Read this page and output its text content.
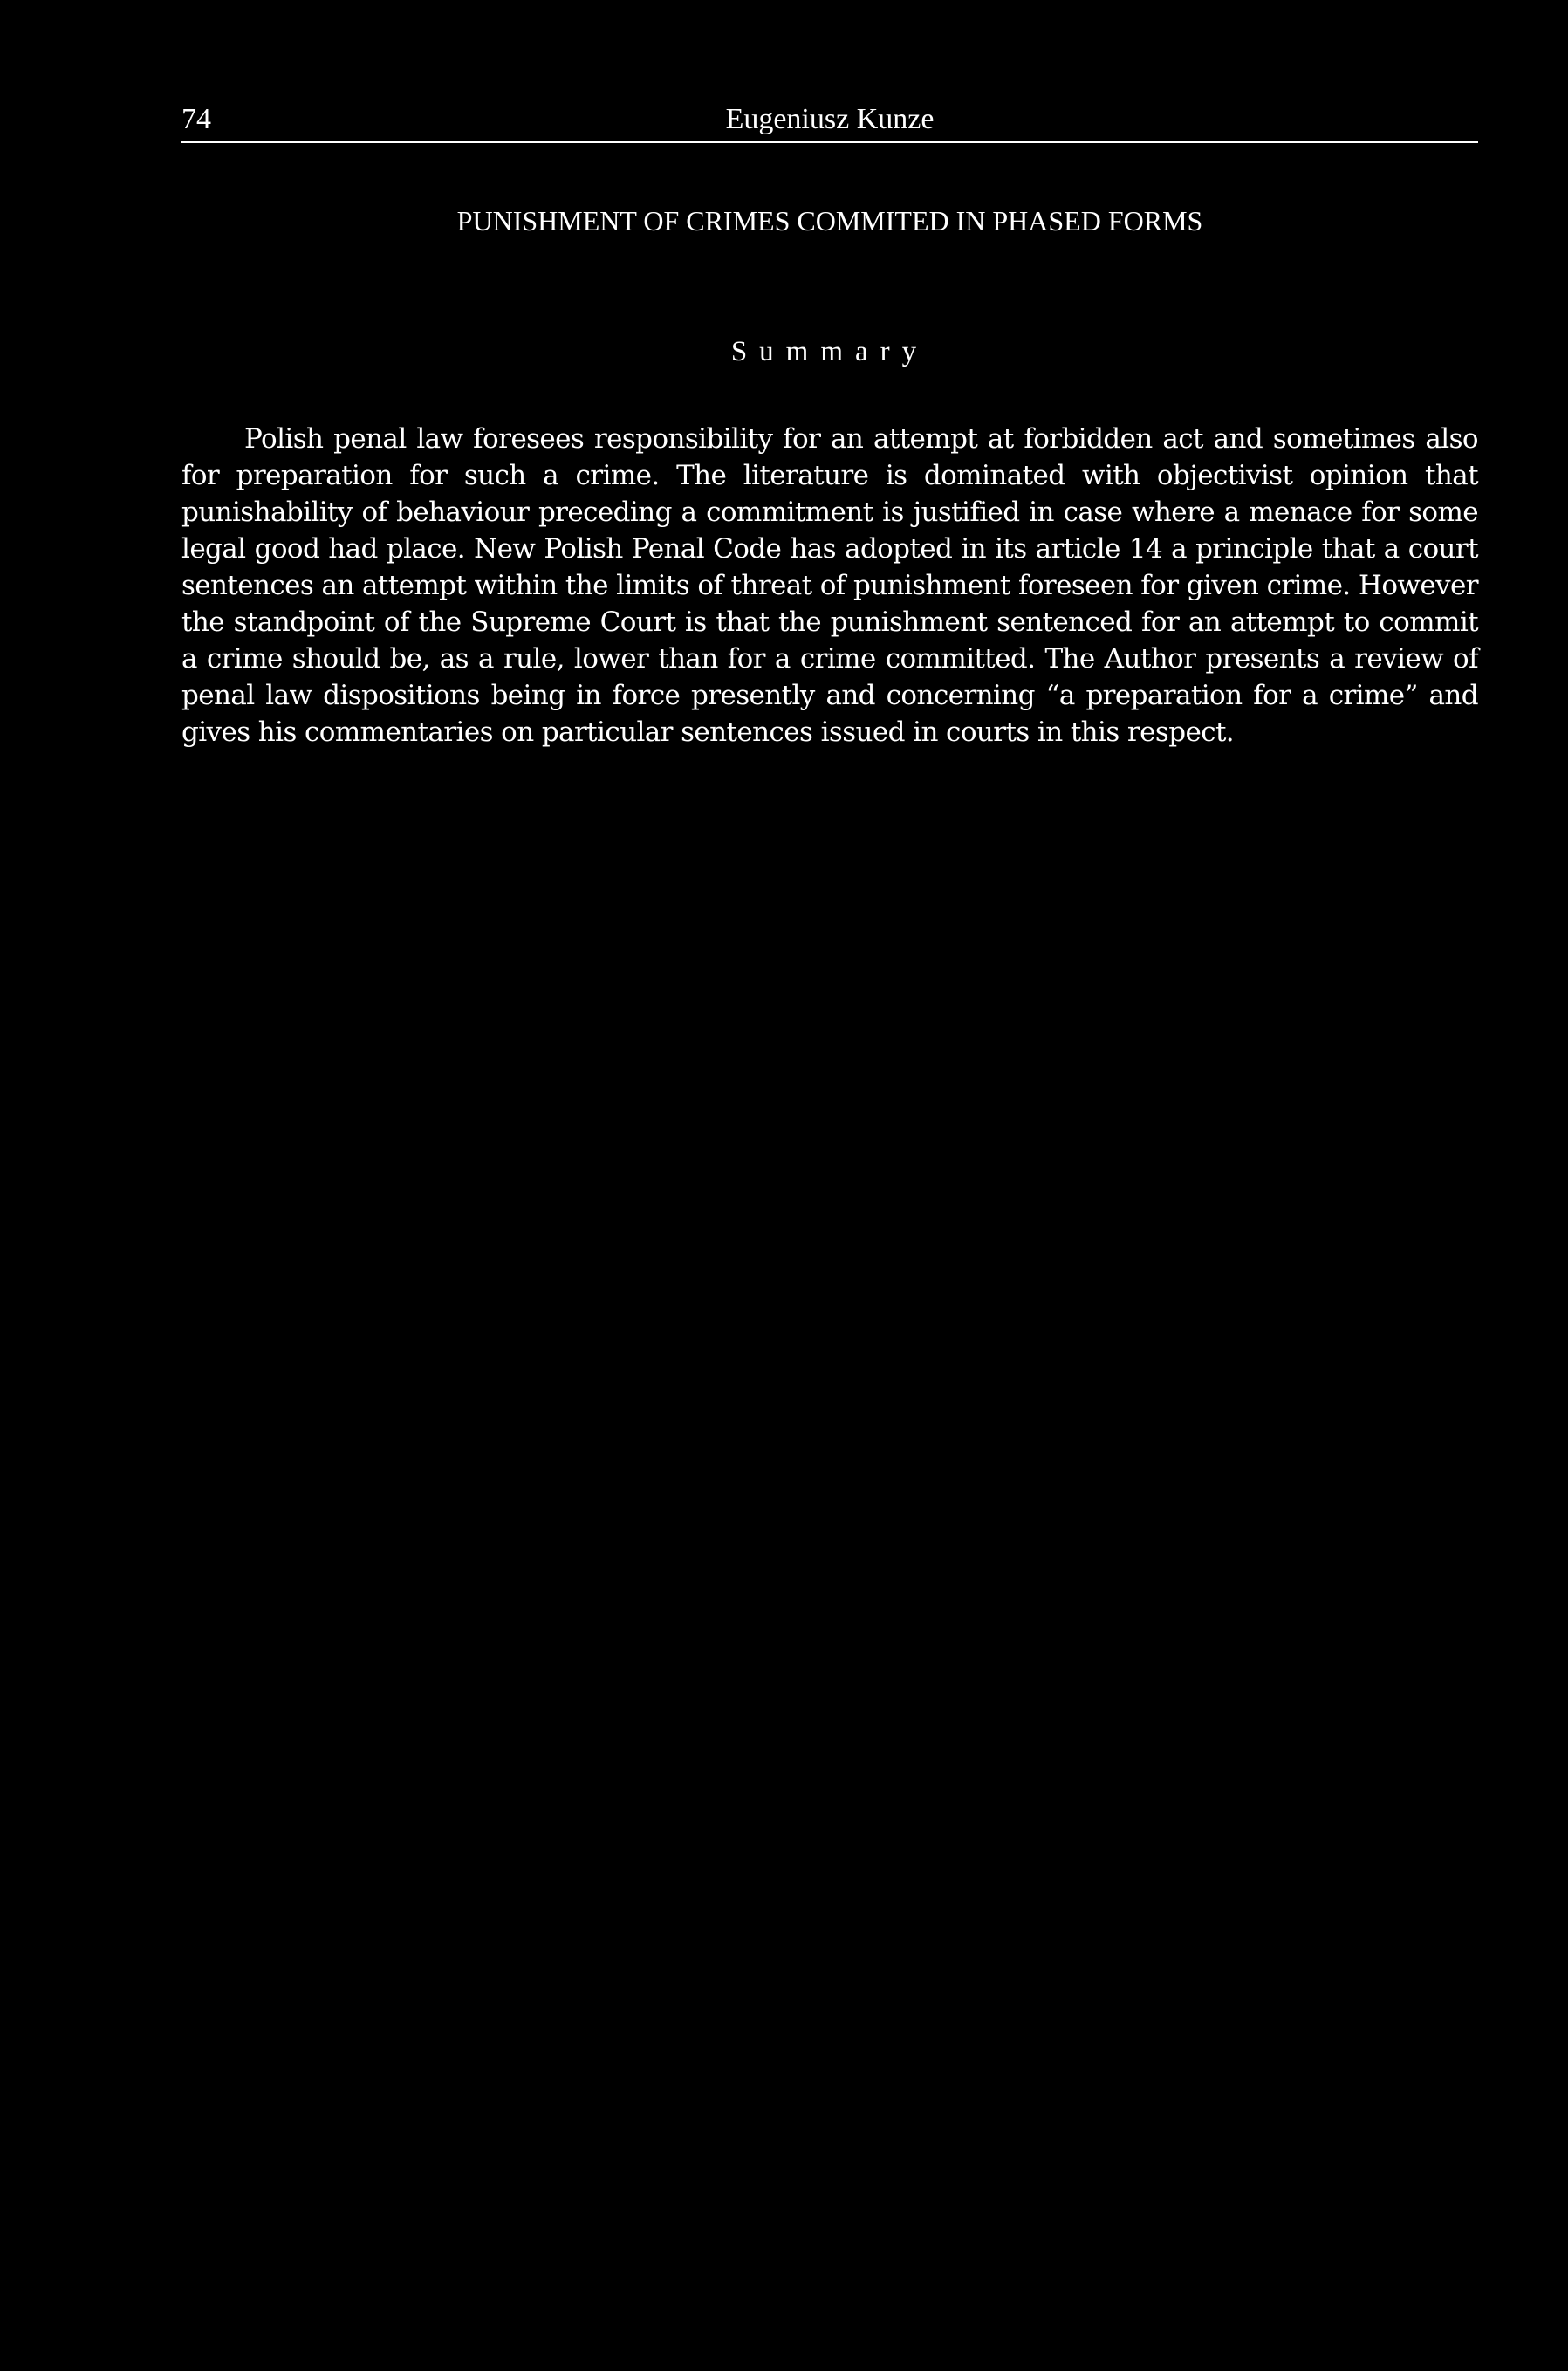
74	Eugeniusz Kunze
PUNISHMENT OF CRIMES COMMITED IN PHASED FORMS
Summary

Polish penal law foresees responsibility for an attempt at forbidden act and sometimes also for preparation for such a crime. The literature is dominated with objectivist opinion that punishability of behaviour preceding a commitment is justified in case where a menace for some legal good had place. New Polish Penal Code has adopted in its article 14 a principle that a court sentences an attempt within the limits of threat of punishment foreseen for given crime. However the standpoint of the Supreme Court is that the punishment sentenced for an attempt to commit a crime should be, as a rule, lower than for a crime committed. The Author presents a review of penal law dispositions being in force presently and concerning “a preparation for a crime” and gives his commentaries on particular sentences issued in courts in this respect.
